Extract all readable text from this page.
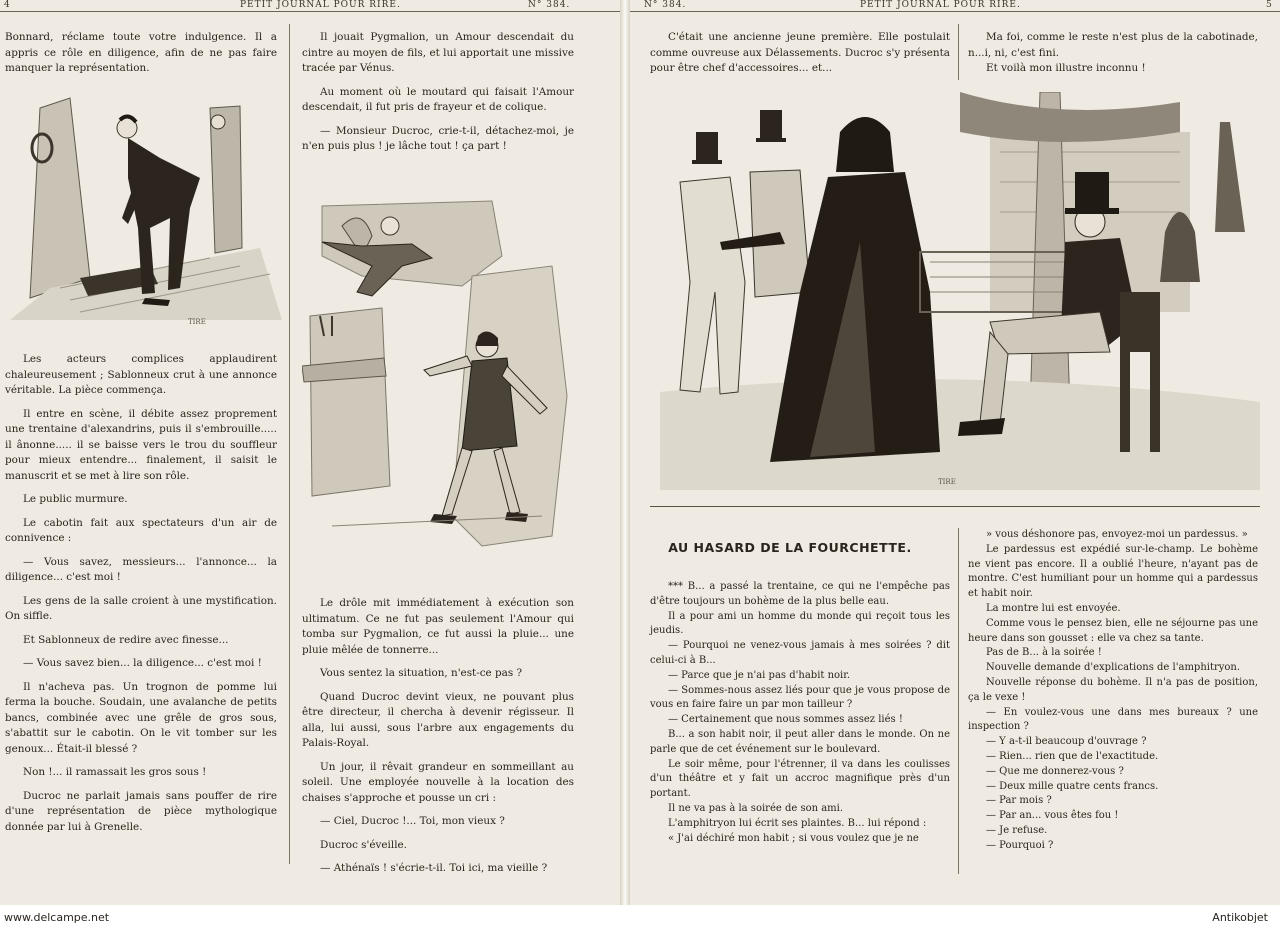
4	PETIT JOURNAL POUR RIRE.	N° 384.

Bonnard, réclame toute votre indulgence. Il a appris ce rôle en diligence, afin de ne pas faire manquer la représentation.

TIRE

Les acteurs complices applaudirent chaleureusement ; Sablonneux crut à une annonce véritable. La pièce commença.

Il entre en scène, il débite assez proprement une trentaine d'alexandrins, puis il s'embrouille..... il ânonne..... il se baisse vers le trou du souffleur pour mieux entendre... finalement, il saisit le manuscrit et se met à lire son rôle.

Le public murmure.

Le cabotin fait aux spectateurs d'un air de connivence :

— Vous savez, messieurs... l'annonce... la diligence... c'est moi !

Les gens de la salle croient à une mystification. On siffle.

Et Sablonneux de redire avec finesse...

— Vous savez bien... la diligence... c'est moi !

Il n'acheva pas. Un trognon de pomme lui ferma la bouche. Soudain, une avalanche de petits bancs, combinée avec une grêle de gros sous, s'abattit sur le cabotin. On le vit tomber sur les genoux... Était-il blessé ?

Non !... il ramassait les gros sous !

Ducroc ne parlait jamais sans pouffer de rire d'une représentation de pièce mythologique donnée par lui à Grenelle.

Il jouait Pygmalion, un Amour descendait du cintre au moyen de fils, et lui apportait une missive tracée par Vénus.

Au moment où le moutard qui faisait l'Amour descendait, il fut pris de frayeur et de colique.

— Monsieur Ducroc, crie-t-il, détachez-moi, je n'en puis plus ! je lâche tout ! ça part !

Le drôle mit immédiatement à exécution son ultimatum. Ce ne fut pas seulement l'Amour qui tomba sur Pygmalion, ce fut aussi la pluie... une pluie mêlée de tonnerre...

Vous sentez la situation, n'est-ce pas ?

Quand Ducroc devint vieux, ne pouvant plus être directeur, il chercha à devenir régisseur. Il alla, lui aussi, sous l'arbre aux engagements du Palais-Royal.

Un jour, il rêvait grandeur en sommeillant au soleil. Une employée nouvelle à la location des chaises s'approche et pousse un cri :

— Ciel, Ducroc !... Toi, mon vieux ?

Ducroc s'éveille.

— Athénaïs ! s'écrie-t-il. Toi ici, ma vieille ?

N° 384.	PETIT JOURNAL POUR RIRE.	5

C'était une ancienne jeune première. Elle postulait comme ouvreuse aux Délassements. Ducroc s'y présenta pour être chef d'accessoires... et...

Ma foi, comme le reste n'est plus de la cabotinade, n...i, ni, c'est fini.

Et voilà mon illustre inconnu !

TIRE
AU HASARD DE LA FOURCHETTE.

*** B... a passé la trentaine, ce qui ne l'empêche pas d'être toujours un bohème de la plus belle eau.

Il a pour ami un homme du monde qui reçoit tous les jeudis.

— Pourquoi ne venez-vous jamais à mes soirées ? dit celui-ci à B...

— Parce que je n'ai pas d'habit noir.

— Sommes-nous assez liés pour que je vous propose de vous en faire faire un par mon tailleur ?

— Certainement que nous sommes assez liés !

B... a son habit noir, il peut aller dans le monde. On ne parle que de cet événement sur le boulevard.

Le soir même, pour l'étrenner, il va dans les coulisses d'un théâtre et y fait un accroc magnifique près d'un portant.

Il ne va pas à la soirée de son ami.

L'amphitryon lui écrit ses plaintes. B... lui répond :

« J'ai déchiré mon habit ; si vous voulez que je ne

» vous déshonore pas, envoyez-moi un pardessus. »

Le pardessus est expédié sur-le-champ. Le bohème ne vient pas encore. Il a oublié l'heure, n'ayant pas de montre. C'est humiliant pour un homme qui a pardessus et habit noir.

La montre lui est envoyée.

Comme vous le pensez bien, elle ne séjourne pas une heure dans son gousset : elle va chez sa tante.

Pas de B... à la soirée !

Nouvelle demande d'explications de l'amphitryon.

Nouvelle réponse du bohème. Il n'a pas de position, ça le vexe !

— En voulez-vous une dans mes bureaux ? une inspection ?

— Y a-t-il beaucoup d'ouvrage ?

— Rien... rien que de l'exactitude.

— Que me donnerez-vous ?

— Deux mille quatre cents francs.

— Par mois ?

— Par an... vous êtes fou !

— Je refuse.

— Pourquoi ?

www.delcampe.net	Antikobjet
